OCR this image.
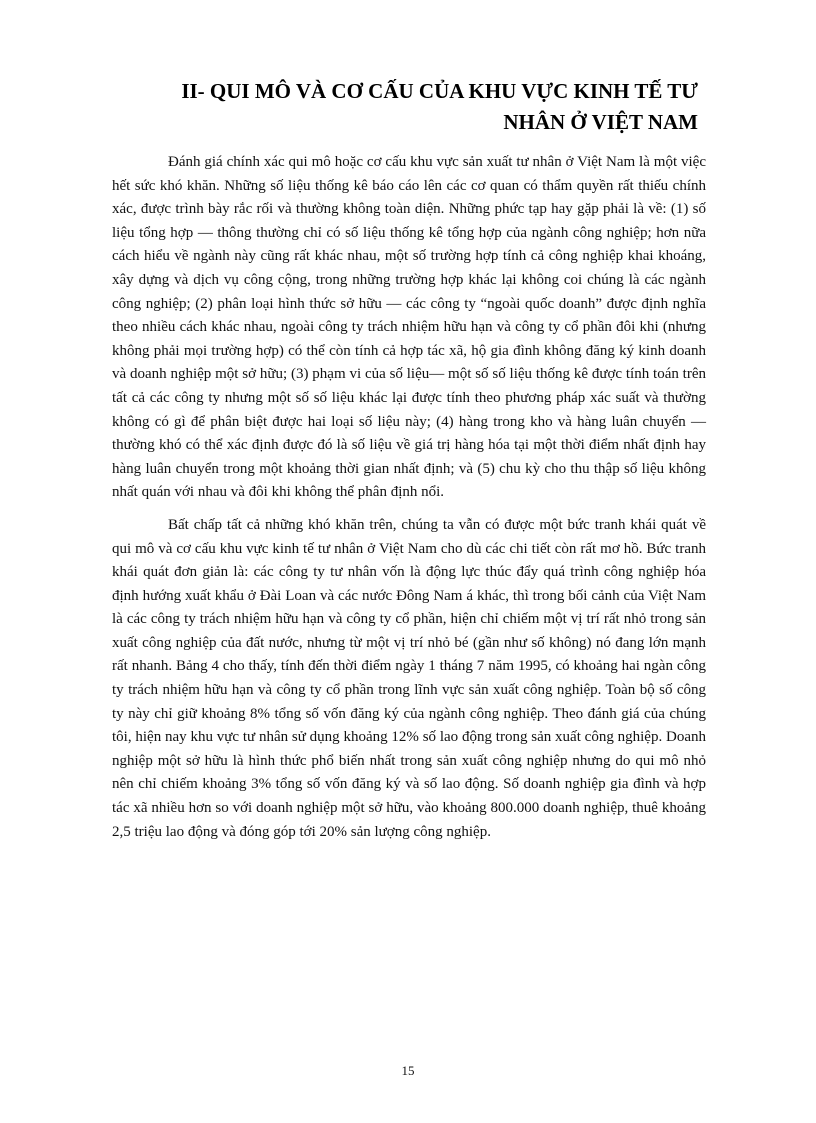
II- QUI MÔ VÀ CƠ CẤU CỦA KHU VỰC KINH TẾ TƯ
NHÂN Ở VIỆT NAM

Đánh giá chính xác qui mô hoặc cơ cấu khu vực sản xuất tư nhân ở Việt Nam là một việc hết sức khó khăn. Những số liệu thống kê báo cáo lên các cơ quan có thẩm quyền rất thiếu chính xác, được trình bày rắc rối và thường không toàn diện. Những phức tạp hay gặp phải là về: (1) số liệu tổng hợp — thông thường chỉ có số liệu thống kê tổng hợp của ngành công nghiệp; hơn nữa cách hiểu về ngành này cũng rất khác nhau, một số trường hợp tính cả công nghiệp khai khoáng, xây dựng và dịch vụ công cộng, trong những trường hợp khác lại không coi chúng là các ngành công nghiệp; (2) phân loại hình thức sở hữu — các công ty “ngoài quốc doanh” được định nghĩa theo nhiều cách khác nhau, ngoài công ty trách nhiệm hữu hạn và công ty cổ phần đôi khi (nhưng không phải mọi trường hợp) có thể còn tính cả hợp tác xã, hộ gia đình không đăng ký kinh doanh và doanh nghiệp một sở hữu; (3) phạm vi của số liệu— một số số liệu thống kê được tính toán trên tất cả các công ty nhưng một số số liệu khác lại được tính theo phương pháp xác suất và thường không có gì để phân biệt được hai loại số liệu này; (4) hàng trong kho và hàng luân chuyển — thường khó có thể xác định được đó là số liệu về giá trị hàng hóa tại một thời điểm nhất định hay hàng luân chuyển trong một khoảng thời gian nhất định; và (5) chu kỳ cho thu thập số liệu không nhất quán với nhau và đôi khi không thể phân định nổi.

Bất chấp tất cả những khó khăn trên, chúng ta vẫn có được một bức tranh khái quát về qui mô và cơ cấu khu vực kinh tế tư nhân ở Việt Nam cho dù các chi tiết còn rất mơ hồ. Bức tranh khái quát đơn giản là: các công ty tư nhân vốn là động lực thúc đẩy quá trình công nghiệp hóa định hướng xuất khẩu ở Đài Loan và các nước Đông Nam á khác, thì trong bối cảnh của Việt Nam là các công ty trách nhiệm hữu hạn và công ty cổ phần, hiện chỉ chiếm một vị trí rất nhỏ trong sản xuất công nghiệp của đất nước, nhưng từ một vị trí nhỏ bé (gần như số không) nó đang lớn mạnh rất nhanh. Bảng 4 cho thấy, tính đến thời điểm ngày 1 tháng 7 năm 1995, có khoảng hai ngàn công ty trách nhiệm hữu hạn và công ty cổ phần trong lĩnh vực sản xuất công nghiệp. Toàn bộ số công ty này chỉ giữ khoảng 8% tổng số vốn đăng ký của ngành công nghiệp. Theo đánh giá của chúng tôi, hiện nay khu vực tư nhân sử dụng khoảng 12% số lao động trong sản xuất công nghiệp. Doanh nghiệp một sở hữu là hình thức phổ biến nhất trong sản xuất công nghiệp nhưng do qui mô nhỏ nên chỉ chiếm khoảng 3% tổng số vốn đăng ký và số lao động. Số doanh nghiệp gia đình và hợp tác xã nhiều hơn so với doanh nghiệp một sở hữu, vào khoảng 800.000 doanh nghiệp, thuê khoảng 2,5 triệu lao động và đóng góp tới 20% sản lượng công nghiệp.

15
